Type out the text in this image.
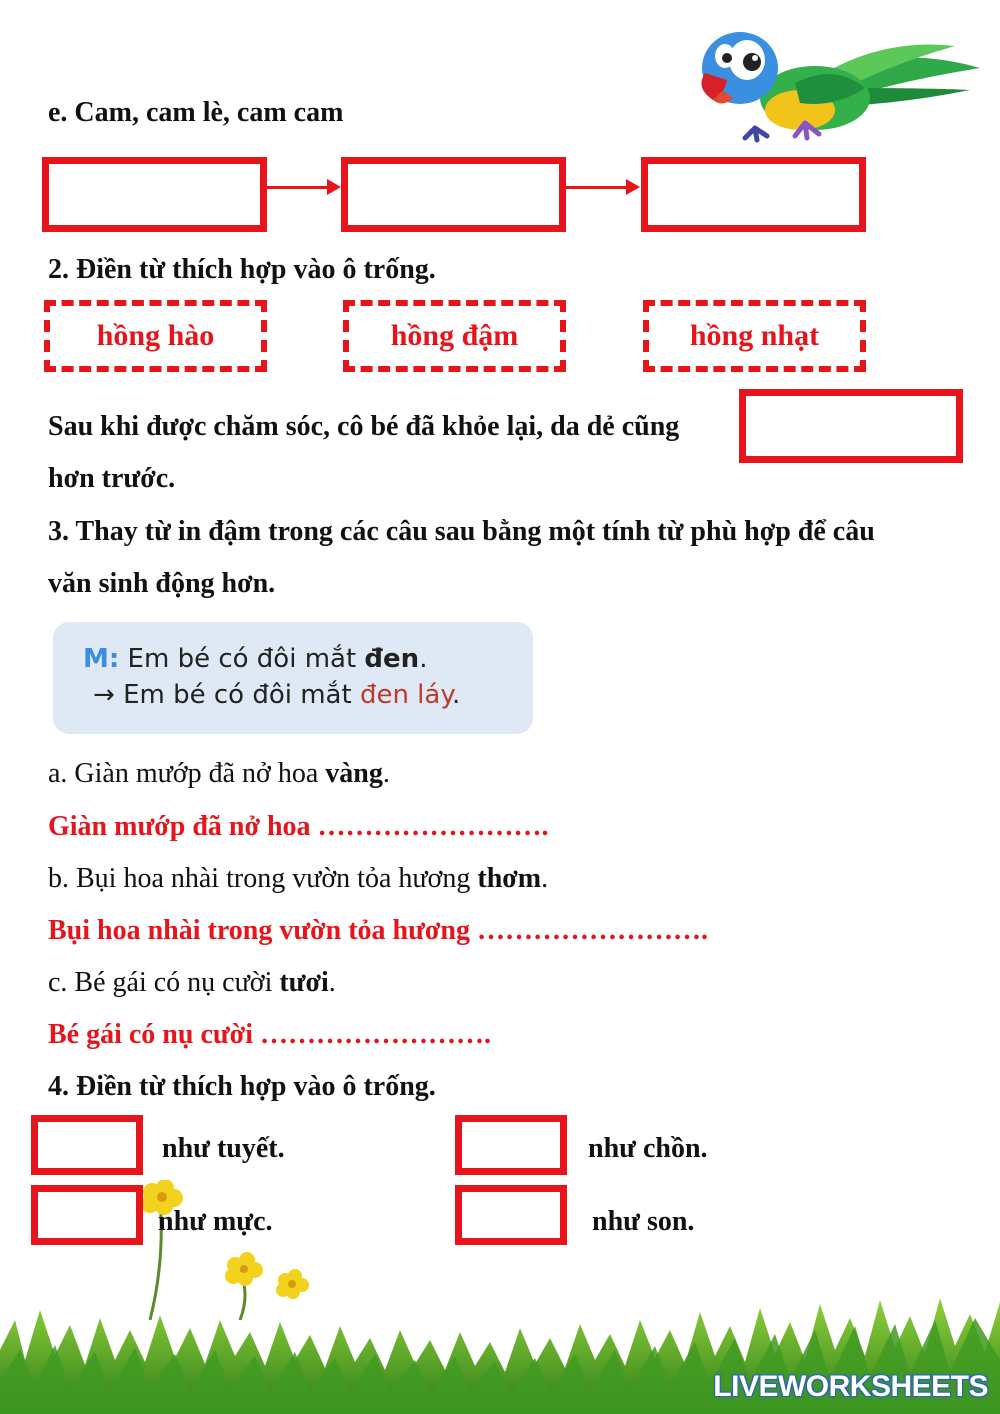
e. Cam, cam lè, cam cam
2. Điền từ thích hợp vào ô trống.
hồng hào	hồng đậm	hồng nhạt
Sau khi được chăm sóc, cô bé đã khỏe lại, da dẻ cũng
hơn trước.
3. Thay từ in đậm trong các câu sau bằng một tính từ phù hợp để câu
văn sinh động hơn.
M: Em bé có đôi mắt đen.
→ Em bé có đôi mắt đen láy.
a. Giàn mướp đã nở hoa vàng.
Giàn mướp đã nở hoa …………………….
b. Bụi hoa nhài trong vườn tỏa hương thơm.
Bụi hoa nhài trong vườn tỏa hương …………………….
c. Bé gái có nụ cười tươi.
Bé gái có nụ cười …………………….
4. Điền từ thích hợp vào ô trống.
như tuyết.	như chồn.
như mực.	như son.
LIVEWORKSHEETS
